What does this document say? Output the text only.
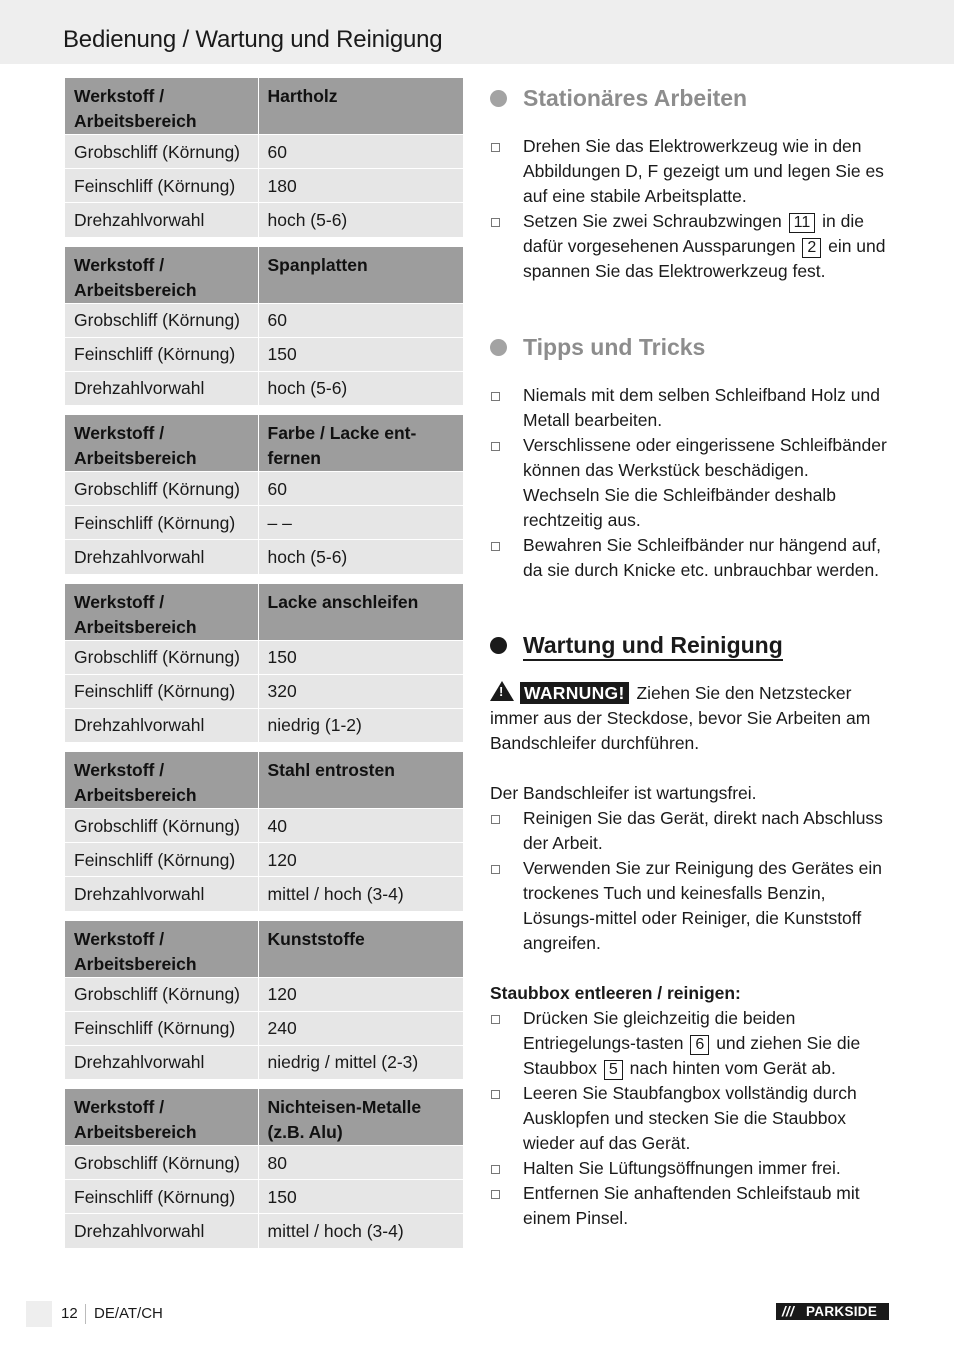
Bedienung / Wartung und Reinigung
Werkstoff / Arbeitsbereich	Hartholz
Grobschliff (Körnung)	60
Feinschliff (Körnung)	180
Drehzahlvorwahl	hoch (5-6)
Werkstoff / Arbeitsbereich	Spanplatten
Grobschliff (Körnung)	60
Feinschliff (Körnung)	150
Drehzahlvorwahl	hoch (5-6)
Werkstoff / Arbeitsbereich	Farbe / Lacke ent-fernen
Grobschliff (Körnung)	60
Feinschliff (Körnung)	– –
Drehzahlvorwahl	hoch (5-6)
Werkstoff / Arbeitsbereich	Lacke anschleifen
Grobschliff (Körnung)	150
Feinschliff (Körnung)	320
Drehzahlvorwahl	niedrig (1-2)
Werkstoff / Arbeitsbereich	Stahl entrosten
Grobschliff (Körnung)	40
Feinschliff (Körnung)	120
Drehzahlvorwahl	mittel / hoch (3-4)
Werkstoff / Arbeitsbereich	Kunststoffe
Grobschliff (Körnung)	120
Feinschliff (Körnung)	240
Drehzahlvorwahl	niedrig / mittel (2-3)
Werkstoff / Arbeitsbereich	Nichteisen-Metalle (z.B. Alu)
Grobschliff (Körnung)	80
Feinschliff (Körnung)	150
Drehzahlvorwahl	mittel / hoch (3-4)
Stationäres Arbeiten
Drehen Sie das Elektrowerkzeug wie in den Abbildungen D, F gezeigt um und legen Sie es auf eine stabile Arbeitsplatte.
Setzen Sie zwei Schraubzwingen 11 in die dafür vorgesehenen Aussparungen 2 ein und spannen Sie das Elektrowerkzeug fest.
Tipps und Tricks
Niemals mit dem selben Schleifband Holz und Metall bearbeiten.
Verschlissene oder eingerissene Schleifbänder können das Werkstück beschädigen. Wechseln Sie die Schleifbänder deshalb rechtzeitig aus.
Bewahren Sie Schleifbänder nur hängend auf, da sie durch Knicke etc. unbrauchbar werden.
Wartung und Reinigung

! WARNUNG! Ziehen Sie den Netzstecker immer aus der Steckdose, bevor Sie Arbeiten am Bandschleifer durchführen.

Der Bandschleifer ist wartungsfrei.

Reinigen Sie das Gerät, direkt nach Abschluss der Arbeit.
Verwenden Sie zur Reinigung des Gerätes ein trockenes Tuch und keinesfalls Benzin, Lösungs-mittel oder Reiniger, die Kunststoff angreifen.

Staubbox entleeren / reinigen:

Drücken Sie gleichzeitig die beiden Entriegelungs-tasten 6 und ziehen Sie die Staubbox 5 nach hinten vom Gerät ab.
Leeren Sie Staubfangbox vollständig durch Ausklopfen und stecken Sie die Staubbox wieder auf das Gerät.
Halten Sie Lüftungsöffnungen immer frei.
Entfernen Sie anhaftenden Schleifstaub mit einem Pinsel.
12 DE/AT/CH	/// PARKSIDE
